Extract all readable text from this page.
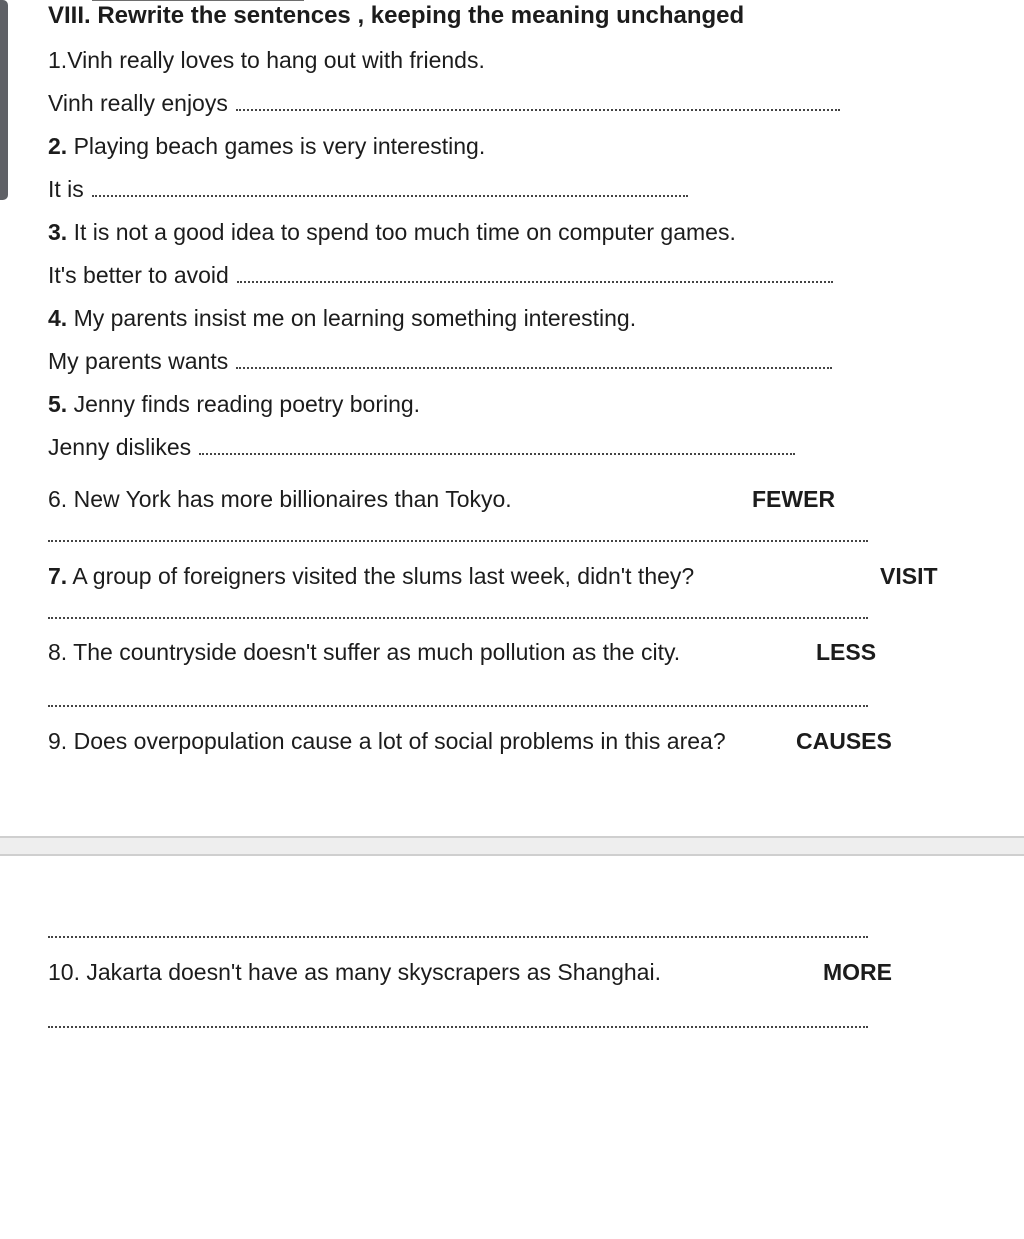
VIII. Rewrite the sentences , keeping the meaning unchanged
1.Vinh really loves to hang out with friends.
Vinh really enjoys
2. Playing beach games is very interesting.
It is
3. It is not a good idea to spend too much time on computer games.
It's better to avoid
4. My parents insist me on learning something interesting.
My parents wants
5. Jenny finds reading poetry boring.
Jenny dislikes
6. New York has more billionaires than Tokyo.	FEWER
7. A group of foreigners visited the slums last week, didn't they?	VISIT
8. The countryside doesn't suffer as much pollution as the city.	LESS
9. Does overpopulation cause a lot of social problems in this area?	CAUSES
10. Jakarta doesn't have as many skyscrapers as Shanghai.	MORE
